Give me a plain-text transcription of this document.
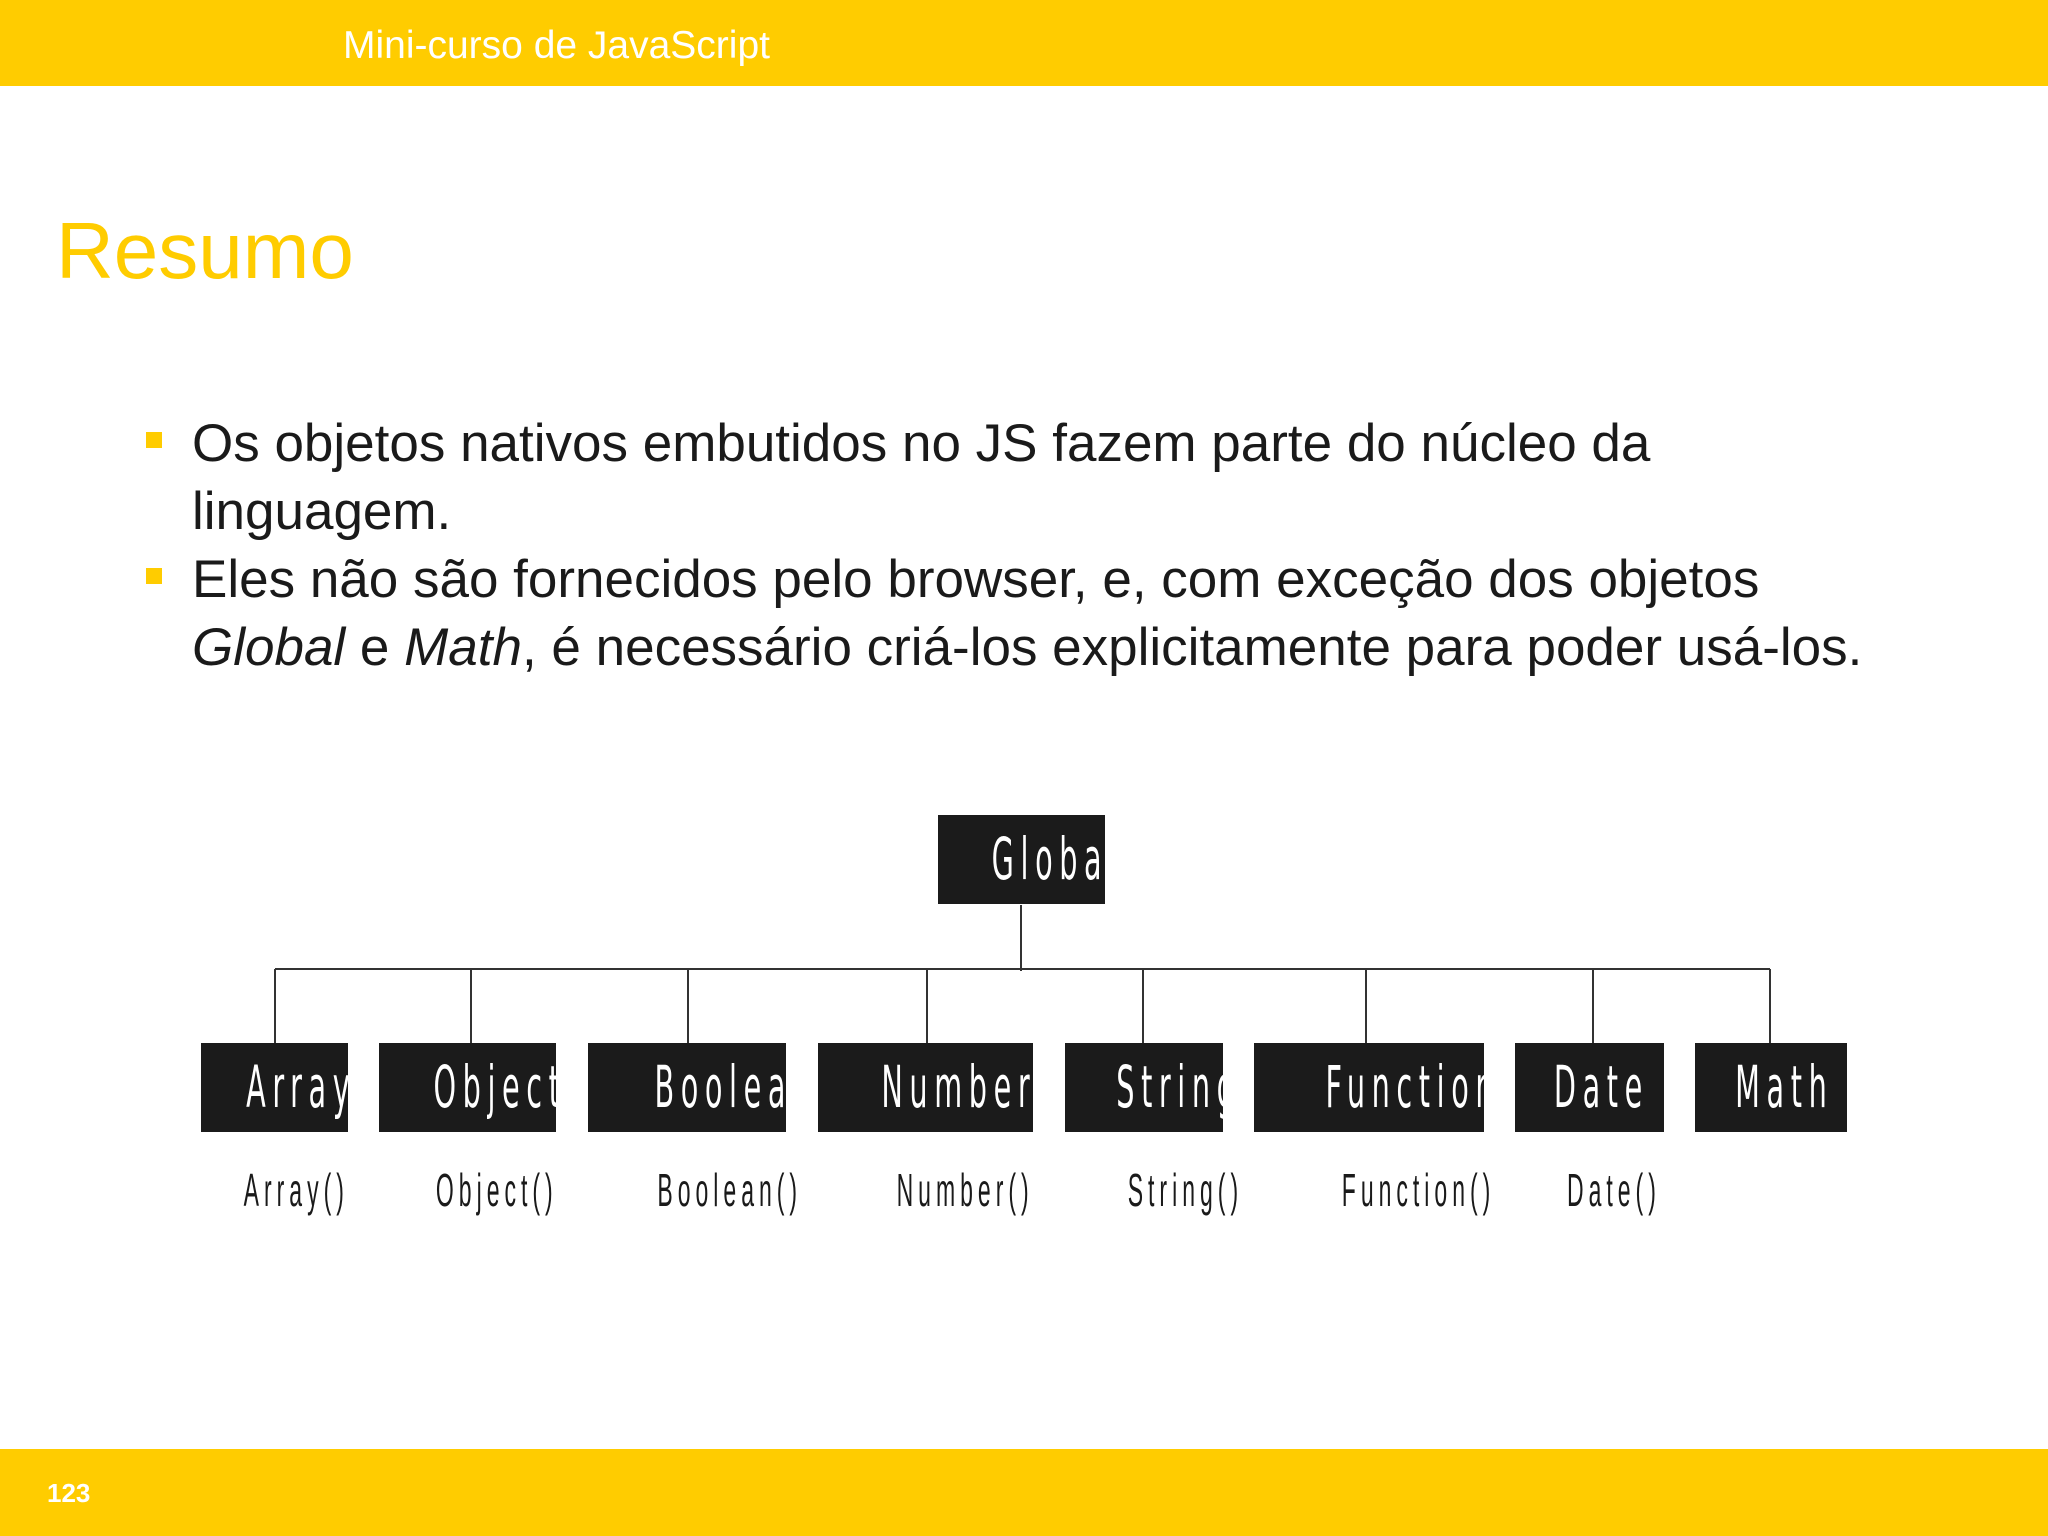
Mini-curso de JavaScript
Resumo
Os objetos nativos embutidos no JS fazem parte do núcleo da linguagem.
Eles não são fornecidos pelo browser, e, com exceção dos objetos Global e Math, é necessário criá-los explicitamente para poder usá-los.
Global
Array	Object	Boolean	Number	String	Function Date	Math
Array()	Object()	Boolean()	Number()	String()	Function()	Date()
123
